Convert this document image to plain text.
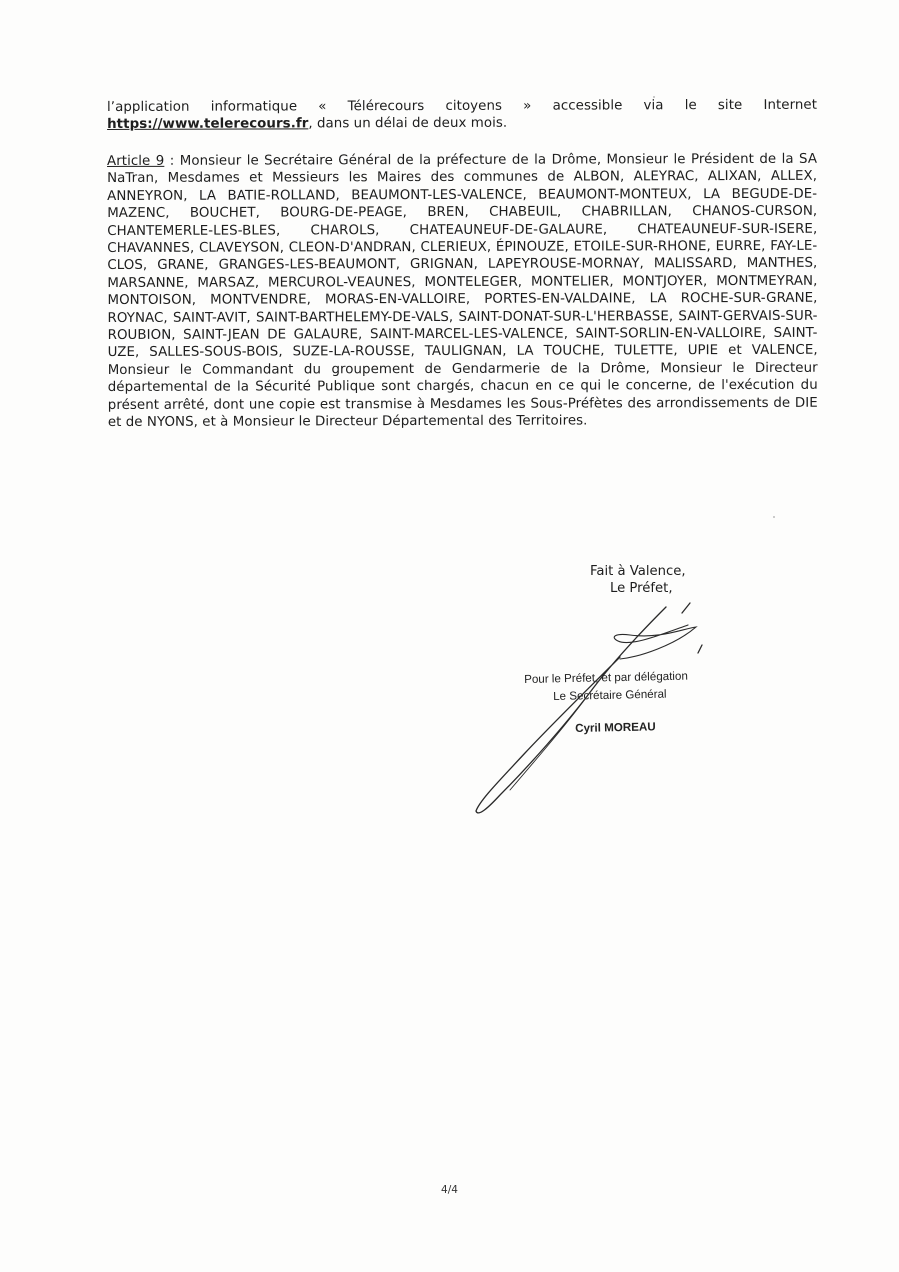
l’application informatique « Télérecours citoyens » accessible via le site Internet https://www.telerecours.fr, dans un délai de deux mois.

Article 9 : Monsieur le Secrétaire Général de la préfecture de la Drôme, Monsieur le Président de la SA NaTran, Mesdames et Messieurs les Maires des communes de ALBON, ALEYRAC, ALIXAN, ALLEX, ANNEYRON, LA BATIE-ROLLAND, BEAUMONT-LES-VALENCE, BEAUMONT-MONTEUX, LA BEGUDE-DE-MAZENC, BOUCHET, BOURG-DE-PEAGE, BREN, CHABEUIL, CHABRILLAN, CHANOS-CURSON, CHANTEMERLE-LES-BLES, CHAROLS, CHATEAUNEUF-DE-GALAURE, CHATEAUNEUF-SUR-ISERE, CHAVANNES, CLAVEYSON, CLEON-D'ANDRAN, CLERIEUX, ÉPINOUZE, ETOILE-SUR-RHONE, EURRE, FAY-LE-CLOS, GRANE, GRANGES-LES-BEAUMONT, GRIGNAN, LAPEYROUSE-MORNAY, MALISSARD, MANTHES, MARSANNE, MARSAZ, MERCUROL-VEAUNES, MONTELEGER, MONTELIER, MONTJOYER, MONTMEYRAN, MONTOISON, MONTVENDRE, MORAS-EN-VALLOIRE, PORTES-EN-VALDAINE, LA ROCHE-SUR-GRANE, ROYNAC, SAINT-AVIT, SAINT-BARTHELEMY-DE-VALS, SAINT-DONAT-SUR-L'HERBASSE, SAINT-GERVAIS-SUR-ROUBION, SAINT-JEAN DE GALAURE, SAINT-MARCEL-LES-VALENCE, SAINT-SORLIN-EN-VALLOIRE, SAINT-UZE, SALLES-SOUS-BOIS, SUZE-LA-ROUSSE, TAULIGNAN, LA TOUCHE, TULETTE, UPIE et VALENCE, Monsieur le Commandant du groupement de Gendarmerie de la Drôme, Monsieur le Directeur départemental de la Sécurité Publique sont chargés, chacun en ce qui le concerne, de l'exécution du présent arrêté, dont une copie est transmise à Mesdames les Sous-Préfètes des arrondissements de DIE et de NYONS, et à Monsieur le Directeur Départemental des Territoires.

Fait à Valence,
Le Préfet,
Pour le Préfet, et par délégation
Le Secrétaire Général
Cyril MOREAU
4/4
